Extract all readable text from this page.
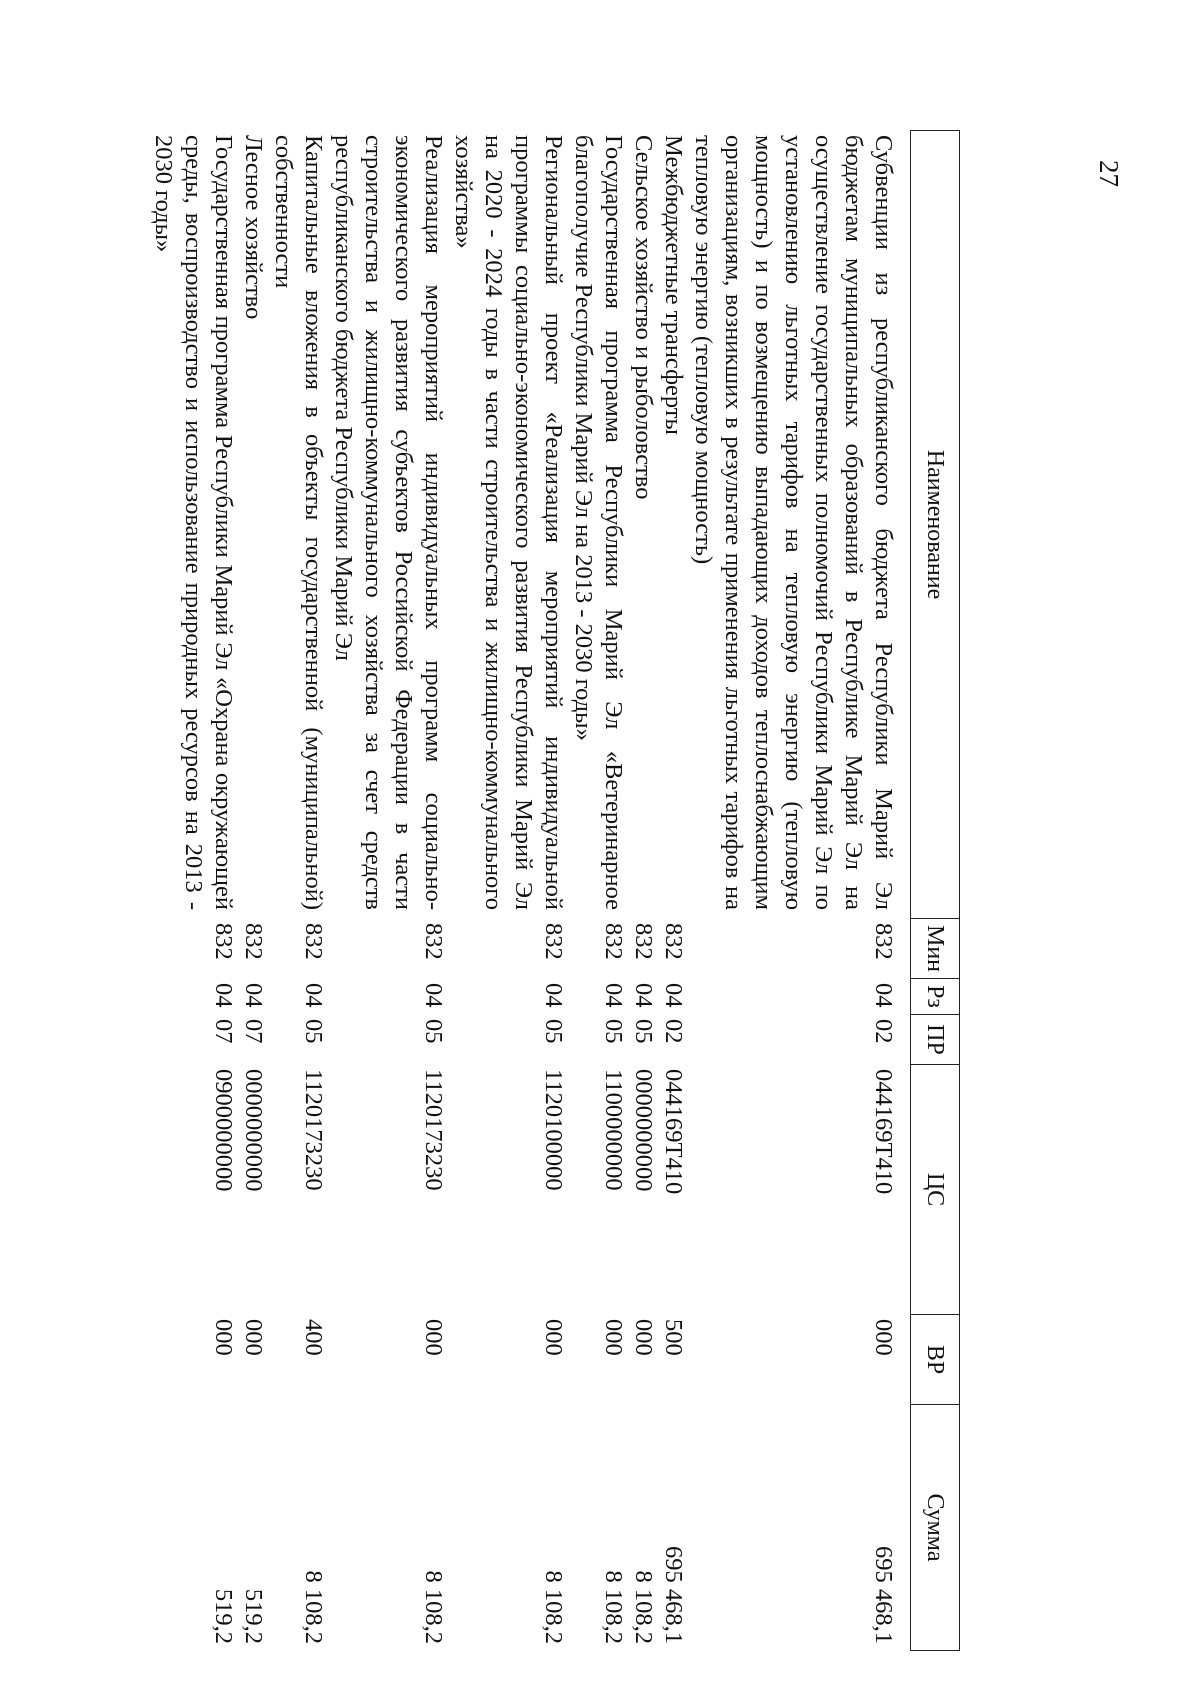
27
Наименование	Мин	Рз	ПР	ЦС	ВР	Сумма
Субвенции из республиканского бюджета Республики Марий Эл бюджетам муниципальных образований в Республике Марий Эл на осуществление государственных полномочий Республики Марий Эл по установлению льготных тарифов на тепловую энергию (тепловую мощность) и по возмещению выпадающих доходов теплоснабжающим организациям, возникших в результате применения льготных тарифов на тепловую энергию (тепловую мощность)	832	04	02	044169Т410	000	695 468,1
Межбюджетные трансферты	832	04	02	044169Т410	500	695 468,1
Сельское хозяйство и рыболовство	832	04	05	0000000000	000	8 108,2
Государственная программа Республики Марий Эл «Ветеринарное благополучие Республики Марий Эл на 2013 - 2030 годы»	832	04	05	1100000000	000	8 108,2
Региональный проект «Реализация мероприятий индивидуальной программы социально-экономического развития Республики Марий Эл на 2020 - 2024 годы в части строительства и жилищно-коммунального хозяйства»	832	04	05	1120100000	000	8 108,2
Реализация мероприятий индивидуальных программ социально-экономического развития субъектов Российской Федерации в части строительства и жилищно-коммунального хозяйства за счет средств республиканского бюджета Республики Марий Эл	832	04	05	1120173230	000	8 108,2
Капитальные вложения в объекты государственной (муниципальной) собственности	832	04	05	1120173230	400	8 108,2
Лесное хозяйство	832	04	07	0000000000	000	519,2
Государственная программа Республики Марий Эл «Охрана окружающей среды, воспроизводство и использование природных ресурсов на 2013 - 2030 годы»	832	04	07	0900000000	000	519,2
